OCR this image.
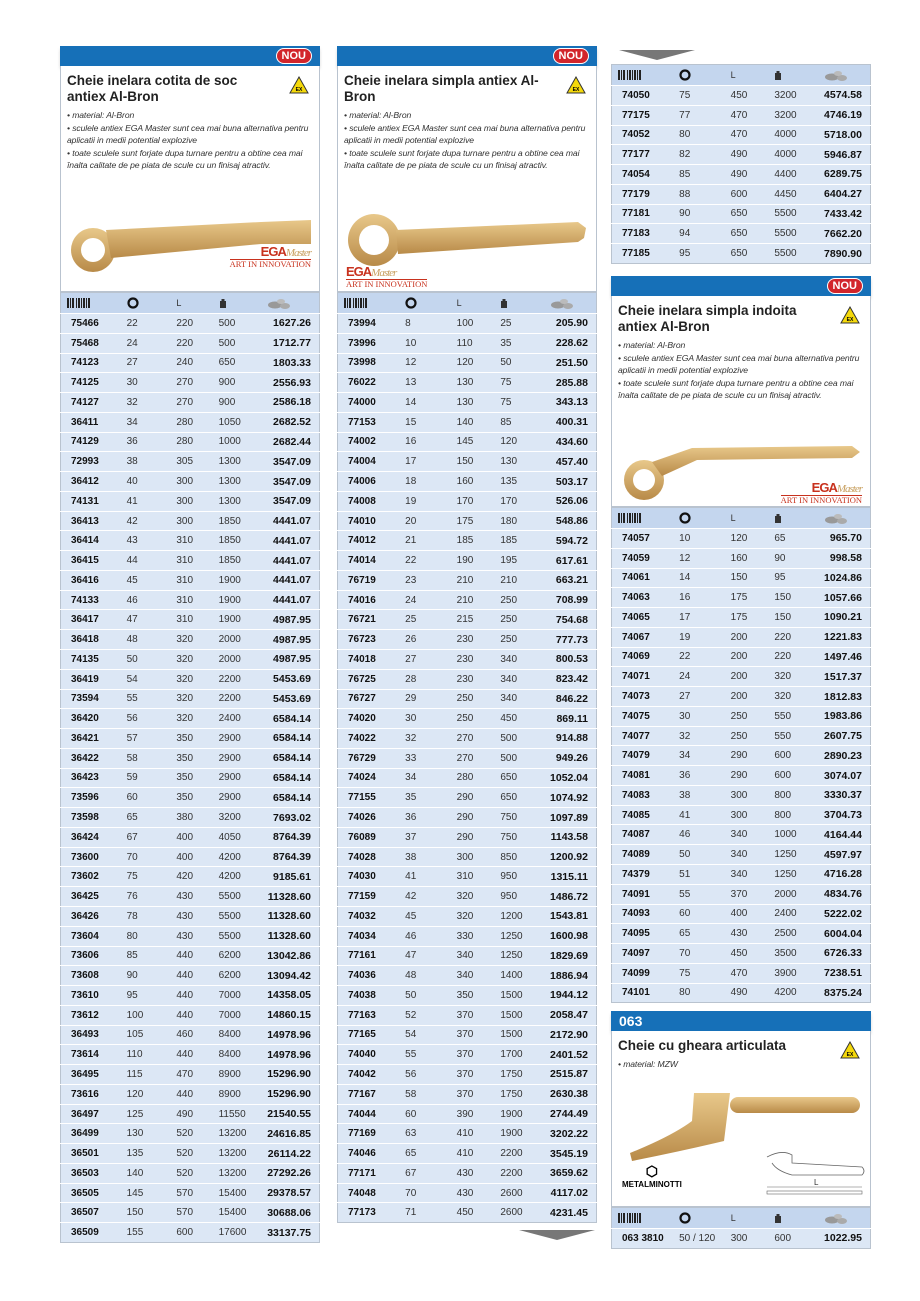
NOU
Cheie inelara cotita de soc antiex Al-Bron	EX
• material: Al-Bron
• sculele antiex EGA Master sunt cea mai buna alternativa pentru aplicatii in medii potential explozive
• toate sculele sunt forjate dupa turnare pentru a obtine cea mai înalta calitate de pe piata de scule cu un finisaj atractiv.
EGAMaster
ART IN INNOVATION

	L	

75466	22	220	500	1627.26
75468	24	220	500	1712.77
74123	27	240	650	1803.33
74125	30	270	900	2556.93
74127	32	270	900	2586.18
36411	34	280	1050	2682.52
74129	36	280	1000	2682.44
72993	38	305	1300	3547.09
36412	40	300	1300	3547.09
74131	41	300	1300	3547.09
36413	42	300	1850	4441.07
36414	43	310	1850	4441.07
36415	44	310	1850	4441.07
36416	45	310	1900	4441.07
74133	46	310	1900	4441.07
36417	47	310	1900	4987.95
36418	48	320	2000	4987.95
74135	50	320	2000	4987.95
36419	54	320	2200	5453.69
73594	55	320	2200	5453.69
36420	56	320	2400	6584.14
36421	57	350	2900	6584.14
36422	58	350	2900	6584.14
36423	59	350	2900	6584.14
73596	60	350	2900	6584.14
73598	65	380	3200	7693.02
36424	67	400	4050	8764.39
73600	70	400	4200	8764.39
73602	75	420	4200	9185.61
36425	76	430	5500	11328.60
36426	78	430	5500	11328.60
73604	80	430	5500	11328.60
73606	85	440	6200	13042.86
73608	90	440	6200	13094.42
73610	95	440	7000	14358.05
73612	100	440	7000	14860.15
36493	105	460	8400	14978.96
73614	110	440	8400	14978.96
36495	115	470	8900	15296.90
73616	120	440	8900	15296.90
36497	125	490	11550	21540.55
36499	130	520	13200	24616.85
36501	135	520	13200	26114.22
36503	140	520	13200	27292.26
36505	145	570	15400	29378.57
36507	150	570	15400	30688.06
36509	155	600	17600	33137.75
NOU
Cheie inelara simpla antiex Al-Bron	EX
• material: Al-Bron
• sculele antiex EGA Master sunt cea mai buna alternativa pentru aplicatii in medii potential explozive
• toate sculele sunt forjate dupa turnare pentru a obtine cea mai înalta calitate de pe piata de scule cu un finisaj atractiv.
EGAMaster
ART IN INNOVATION

	L	

73994	8	100	25	205.90
73996	10	110	35	228.62
73998	12	120	50	251.50
76022	13	130	75	285.88
74000	14	130	75	343.13
77153	15	140	85	400.31
74002	16	145	120	434.60
74004	17	150	130	457.40
74006	18	160	135	503.17
74008	19	170	170	526.06
74010	20	175	180	548.86
74012	21	185	185	594.72
74014	22	190	195	617.61
76719	23	210	210	663.21
74016	24	210	250	708.99
76721	25	215	250	754.68
76723	26	230	250	777.73
74018	27	230	340	800.53
76725	28	230	340	823.42
76727	29	250	340	846.22
74020	30	250	450	869.11
74022	32	270	500	914.88
76729	33	270	500	949.26
74024	34	280	650	1052.04
77155	35	290	650	1074.92
74026	36	290	750	1097.89
76089	37	290	750	1143.58
74028	38	300	850	1200.92
74030	41	310	950	1315.11
77159	42	320	950	1486.72
74032	45	320	1200	1543.81
74034	46	330	1250	1600.98
77161	47	340	1250	1829.69
74036	48	340	1400	1886.94
74038	50	350	1500	1944.12
77163	52	370	1500	2058.47
77165	54	370	1500	2172.90
74040	55	370	1700	2401.52
74042	56	370	1750	2515.87
77167	58	370	1750	2630.38
74044	60	390	1900	2744.49
77169	63	410	1900	3202.22
74046	65	410	2200	3545.19
77171	67	430	2200	3659.62
74048	70	430	2600	4117.02
77173	71	450	2600	4231.45

	L	

74050	75	450	3200	4574.58
77175	77	470	3200	4746.19
74052	80	470	4000	5718.00
77177	82	490	4000	5946.87
74054	85	490	4400	6289.75
77179	88	600	4450	6404.27
77181	90	650	5500	7433.42
77183	94	650	5500	7662.20
77185	95	650	5500	7890.90
NOU
Cheie inelara simpla indoita antiex Al-Bron	EX
• material: Al-Bron
• sculele antiex EGA Master sunt cea mai buna alternativa pentru aplicatii in medii potential explozive
• toate sculele sunt forjate dupa turnare pentru a obtine cea mai înalta calitate de pe piata de scule cu un finisaj atractiv.
EGAMaster
ART IN INNOVATION

	L	

74057	10	120	65	965.70
74059	12	160	90	998.58
74061	14	150	95	1024.86
74063	16	175	150	1057.66
74065	17	175	150	1090.21
74067	19	200	220	1221.83
74069	22	200	220	1497.46
74071	24	200	320	1517.37
74073	27	200	320	1812.83
74075	30	250	550	1983.86
74077	32	250	550	2607.75
74079	34	290	600	2890.23
74081	36	290	600	3074.07
74083	38	300	800	3330.37
74085	41	300	800	3704.73
74087	46	340	1000	4164.44
74089	50	340	1250	4597.97
74379	51	340	1250	4716.28
74091	55	370	2000	4834.76
74093	60	400	2400	5222.02
74095	65	430	2500	6004.04
74097	70	450	3500	6726.33
74099	75	470	3900	7238.51
74101	80	490	4200	8375.24
063
Cheie cu gheara articulata
EX
• material: MZW
L
⬡
METALMINOTTI

	L	

063 3810	50 / 120	300	600	1022.95
